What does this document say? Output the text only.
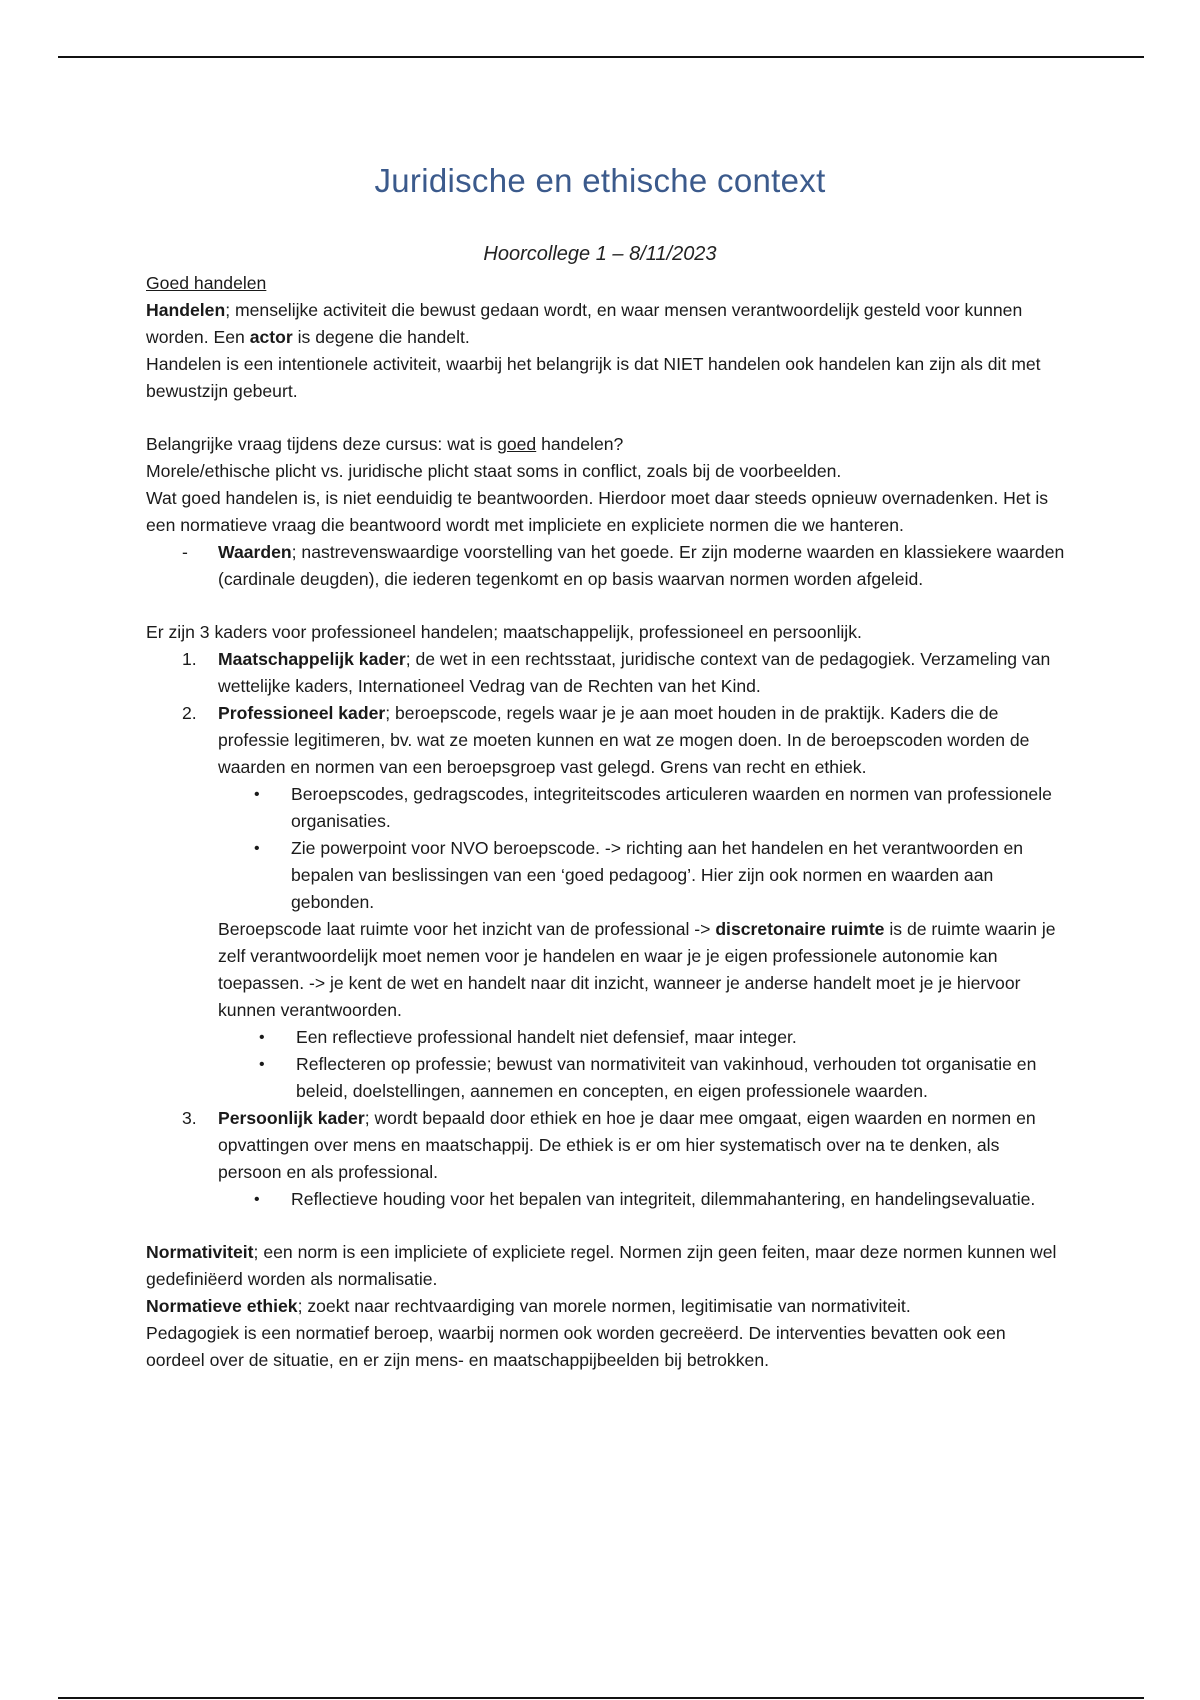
Juridische en ethische context
Hoorcollege 1 – 8/11/2023

Goed handelen

Handelen; menselijke activiteit die bewust gedaan wordt, en waar mensen verantwoordelijk gesteld voor kunnen worden. Een actor is degene die handelt.

Handelen is een intentionele activiteit, waarbij het belangrijk is dat NIET handelen ook handelen kan zijn als dit met bewustzijn gebeurt.

Belangrijke vraag tijdens deze cursus: wat is goed handelen?

Morele/ethische plicht vs. juridische plicht staat soms in conflict, zoals bij de voorbeelden.

Wat goed handelen is, is niet eenduidig te beantwoorden. Hierdoor moet daar steeds opnieuw overnadenken. Het is een normatieve vraag die beantwoord wordt met impliciete en expliciete normen die we hanteren.

- Waarden; nastrevenswaardige voorstelling van het goede. Er zijn moderne waarden en klassiekere waarden (cardinale deugden), die iederen tegenkomt en op basis waarvan normen worden afgeleid.

Er zijn 3 kaders voor professioneel handelen; maatschappelijk, professioneel en persoonlijk.

1. Maatschappelijk kader; de wet in een rechtsstaat, juridische context van de pedagogiek. Verzameling van wettelijke kaders, Internationeel Vedrag van de Rechten van het Kind.
2. Professioneel kader; beroepscode, regels waar je je aan moet houden in de praktijk. Kaders die de professie legitimeren, bv. wat ze moeten kunnen en wat ze mogen doen. In de beroepscoden worden de waarden en normen van een beroepsgroep vast gelegd. Grens van recht en ethiek.
• Beroepscodes, gedragscodes, integriteitscodes articuleren waarden en normen van professionele organisaties.
• Zie powerpoint voor NVO beroepscode. -> richting aan het handelen en het verantwoorden en bepalen van beslissingen van een ‘goed pedagoog’. Hier zijn ook normen en waarden aan gebonden.

Beroepscode laat ruimte voor het inzicht van de professional -> discretonaire ruimte is de ruimte waarin je zelf verantwoordelijk moet nemen voor je handelen en waar je je eigen professionele autonomie kan toepassen. -> je kent de wet en handelt naar dit inzicht, wanneer je anderse handelt moet je je hiervoor kunnen verantwoorden.

• Een reflectieve professional handelt niet defensief, maar integer.
• Reflecteren op professie; bewust van normativiteit van vakinhoud, verhouden tot organisatie en beleid, doelstellingen, aannemen en concepten, en eigen professionele waarden.
3. Persoonlijk kader; wordt bepaald door ethiek en hoe je daar mee omgaat, eigen waarden en normen en opvattingen over mens en maatschappij. De ethiek is er om hier systematisch over na te denken, als persoon en als professional.
• Reflectieve houding voor het bepalen van integriteit, dilemmahantering, en handelingsevaluatie.

Normativiteit; een norm is een impliciete of expliciete regel. Normen zijn geen feiten, maar deze normen kunnen wel gedefiniëerd worden als normalisatie.

Normatieve ethiek; zoekt naar rechtvaardiging van morele normen, legitimisatie van normativiteit.

Pedagogiek is een normatief beroep, waarbij normen ook worden gecreëerd. De interventies bevatten ook een oordeel over de situatie, en er zijn mens- en maatschappijbeelden bij betrokken.
